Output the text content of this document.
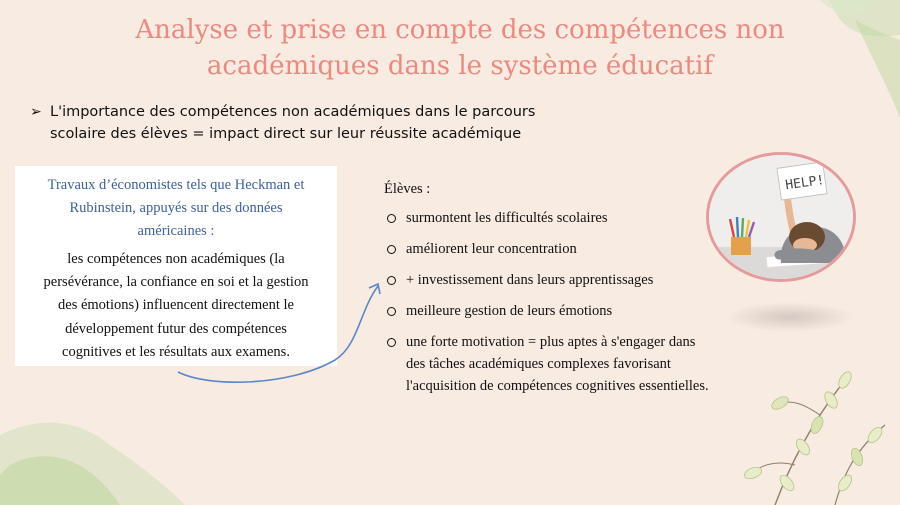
Analyse et prise en compte des compétences non
académiques dans le système éducatif
➢ L'importance des compétences non académiques dans le parcours
scolaire des élèves = impact direct sur leur réussite académique
Travaux d’économistes tels que Heckman et
Rubinstein, appuyés sur des données
américaines :
les compétences non académiques (la
persévérance, la confiance en soi et la gestion
des émotions) influencent directement le
développement futur des compétences
cognitives et les résultats aux examens.

Élèves :

surmontent les difficultés scolaires
améliorent leur concentration
+ investissement dans leurs apprentissages
meilleure gestion de leurs émotions
une forte motivation = plus aptes à s'engager dans
des tâches académiques complexes favorisant
l'acquisition de compétences cognitives essentielles.
HELP!
